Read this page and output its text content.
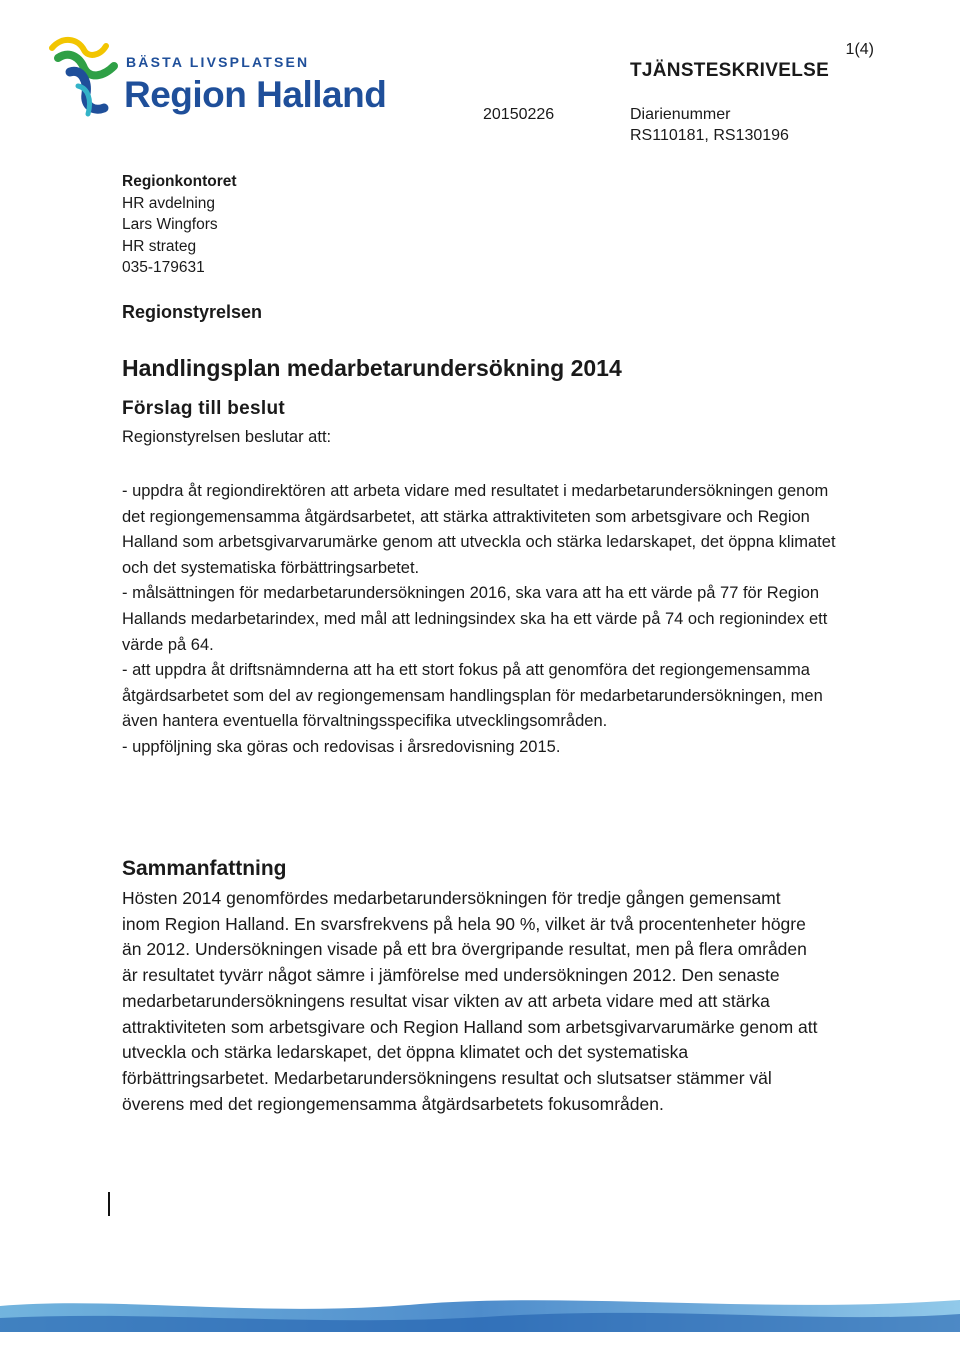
BÄSTA LIVSPLATSEN
Region Halland
1(4)
TJÄNSTESKRIVELSE
20150226	Diarienummer
RS110181, RS130196
Regionkontoret
HR avdelning
Lars Wingfors
HR strateg
035-179631
Regionstyrelsen
Handlingsplan medarbetarundersökning 2014
Förslag till beslut
Regionstyrelsen beslutar att:

- uppdra åt regiondirektören att arbeta vidare med resultatet i medarbetarundersökningen genom det regiongemensamma åtgärdsarbetet, att stärka attraktiviteten som arbetsgivare och Region Halland som arbetsgivarvarumärke genom att utveckla och stärka ledarskapet, det öppna klimatet och det systematiska förbättringsarbetet.

- målsättningen för medarbetarundersökningen 2016, ska vara att ha ett värde på 77 för Region Hallands medarbetarindex, med mål att ledningsindex ska ha ett värde på 74 och regionindex ett värde på 64.

- att uppdra åt driftsnämnderna att ha ett stort fokus på att genomföra det regiongemensamma åtgärdsarbetet som del av regiongemensam handlingsplan för medarbetarundersökningen, men även hantera eventuella förvaltningsspecifika utvecklingsområden.

- uppföljning ska göras och redovisas i årsredovisning 2015.

Sammanfattning

Hösten 2014 genomfördes medarbetarundersökningen för tredje gången gemensamt inom Region Halland. En svarsfrekvens på hela 90 %, vilket är två procentenheter högre än 2012. Undersökningen visade på ett bra övergripande resultat, men på flera områden är resultatet tyvärr något sämre i jämförelse med undersökningen 2012. Den senaste medarbetarundersökningens resultat visar vikten av att arbeta vidare med att stärka attraktiviteten som arbetsgivare och Region Halland som arbetsgivarvarumärke genom att utveckla och stärka ledarskapet, det öppna klimatet och det systematiska förbättringsarbetet. Medarbetarundersökningens resultat och slutsatser stämmer väl överens med det regiongemensamma åtgärdsarbetets fokusområden.
